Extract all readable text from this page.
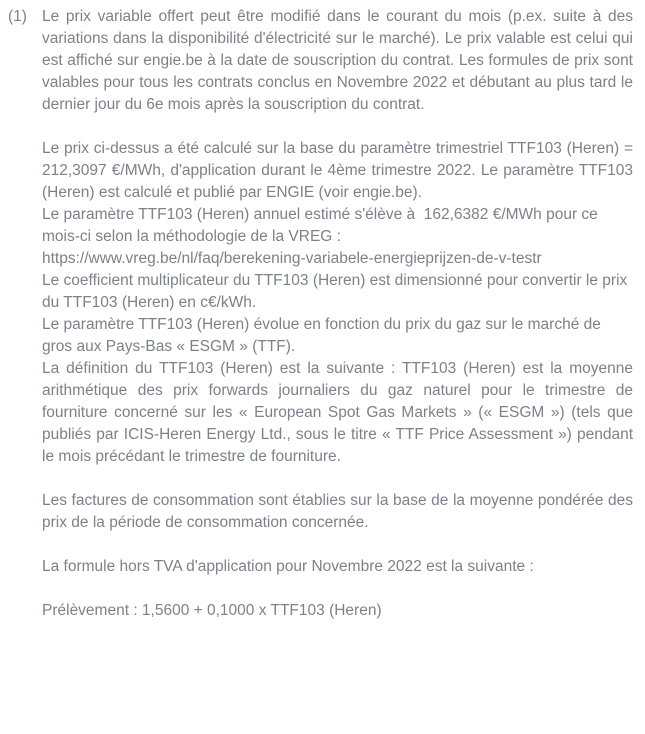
(1) Le prix variable offert peut être modifié dans le courant du mois (p.ex. suite à des variations dans la disponibilité d'électricité sur le marché). Le prix valable est celui qui est affiché sur engie.be à la date de souscription du contrat. Les formules de prix sont valables pour tous les contrats conclus en Novembre 2022 et débutant au plus tard le dernier jour du 6e mois après la souscription du contrat.

Le prix ci-dessus a été calculé sur la base du paramètre trimestriel TTF103 (Heren) = 212,3097 €/MWh, d'application durant le 4ème trimestre 2022. Le paramètre TTF103 (Heren) est calculé et publié par ENGIE (voir engie.be).

Le paramètre TTF103 (Heren) annuel estimé s'élève à  162,6382 €/MWh pour ce mois-ci selon la méthodologie de la VREG :

https://www.vreg.be/nl/faq/berekening-variabele-energieprijzen-de-v-testr

Le coefficient multiplicateur du TTF103 (Heren) est dimensionné pour convertir le prix du TTF103 (Heren) en c€/kWh.

Le paramètre TTF103 (Heren) évolue en fonction du prix du gaz sur le marché de gros aux Pays-Bas « ESGM » (TTF).

La définition du TTF103 (Heren) est la suivante : TTF103 (Heren) est la moyenne arithmétique des prix forwards journaliers du gaz naturel pour le trimestre de fourniture concerné sur les « European Spot Gas Markets » (« ESGM ») (tels que publiés par ICIS-Heren Energy Ltd., sous le titre « TTF Price Assessment ») pendant le mois précédant le trimestre de fourniture.

Les factures de consommation sont établies sur la base de la moyenne pondérée des prix de la période de consommation concernée.

La formule hors TVA d'application pour Novembre 2022 est la suivante :

Prélèvement : 1,5600 + 0,1000 x TTF103 (Heren)
